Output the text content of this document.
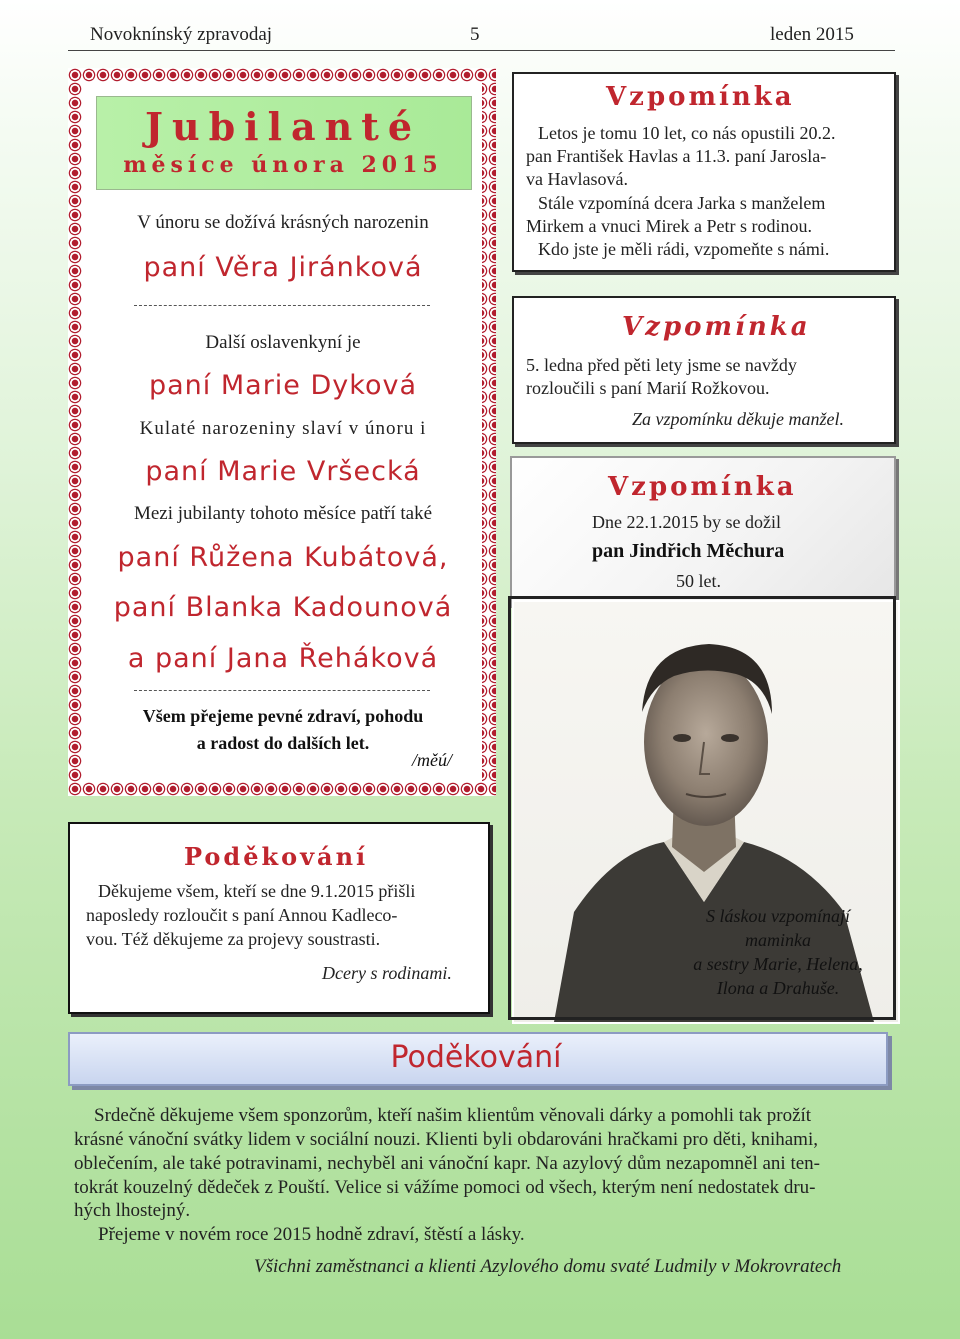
Novoknínský zpravodaj	5	leden 2015
Jubilanté
měsíce února 2015
V únoru se dožívá krásných narozenin
paní Věra Jiránková
Další oslavenkyní je
paní Marie Dyková
Kulaté narozeniny slaví v únoru i
paní Marie Vršecká
Mezi jubilanty tohoto měsíce patří také
paní Růžena Kubátová,
paní Blanka Kadounová
a paní Jana Řeháková
Všem přejeme pevné zdraví, pohodu
a radost do dalších let.
/měú/
Vzpomínka
Letos je tomu 10 let, co nás opustili 20.2.
pan František Havlas a 11.3. paní Jarosla-
va Havlasová.
Stále vzpomíná dcera Jarka s manželem
Mirkem a vnuci Mirek a Petr s rodinou.
Kdo jste je měli rádi, vzpomeňte s námi.
Vzpomínka
5. ledna před pěti lety jsme se navždy
rozloučili s paní Marií Rožkovou.
Za vzpomínku děkuje manžel.
Vzpomínka
Dne 22.1.2015 by se dožil
pan Jindřich Měchura
50 let.
S láskou vzpomínají
maminka
a sestry Marie, Helena,
Ilona a Drahuše.
Poděkování
Děkujeme všem, kteří se dne 9.1.2015 přišli
naposledy rozloučit s paní Annou Kadleco-
vou. Též děkujeme za projevy soustrasti.
Dcery s rodinami.
Poděkování
Srdečně děkujeme všem sponzorům, kteří našim klientům věnovali dárky a pomohli tak prožít
krásné vánoční svátky lidem v sociální nouzi. Klienti byli obdarováni hračkami pro děti, knihami,
oblečením, ale také potravinami, nechyběl ani vánoční kapr. Na azylový dům nezapomněl ani ten-
tokrát kouzelný dědeček z Pouští. Velice si vážíme pomoci od všech, kterým není nedostatek dru-
hých lhostejný.
Přejeme v novém roce 2015 hodně zdraví, štěstí a lásky.
Všichni zaměstnanci a klienti Azylového domu svaté Ludmily v Mokrovratech
